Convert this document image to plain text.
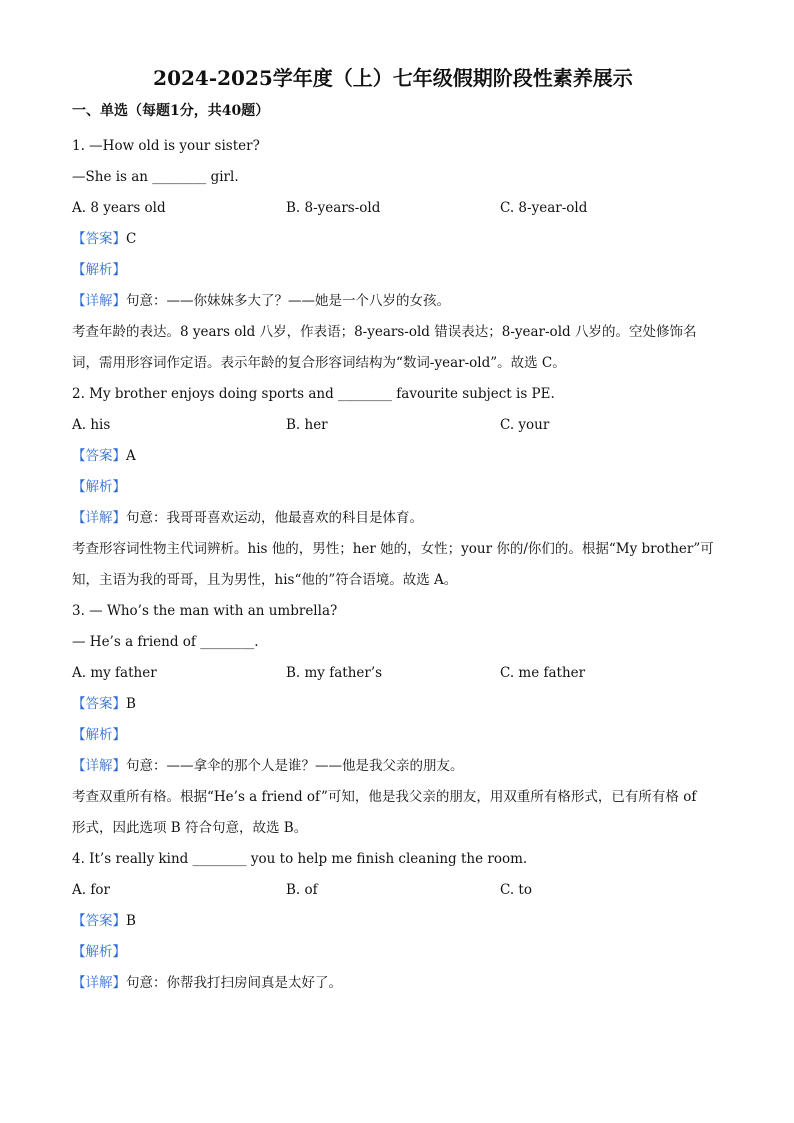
2024-2025学年度（上）七年级假期阶段性素养展示
一、单选（每题1分，共40题）

1. —How old is your sister?

—She is an ________ girl.

A. 8 years old	B. 8-years-old	C. 8-year-old

【答案】C

【解析】

【详解】句意：——你妹妹多大了？——她是一个八岁的女孩。

考查年龄的表达。8 years old 八岁，作表语；8-years-old 错误表达；8-year-old 八岁的。空处修饰名词，需用形容词作定语。表示年龄的复合形容词结构为“数词-year-old”。故选 C。

2. My brother enjoys doing sports and ________ favourite subject is PE.

A. his	B. her	C. your

【答案】A

【解析】

【详解】句意：我哥哥喜欢运动，他最喜欢的科目是体育。

考查形容词性物主代词辨析。his 他的，男性；her 她的，女性；your 你的/你们的。根据“My brother”可知，主语为我的哥哥，且为男性，his“他的”符合语境。故选 A。

3. — Who’s the man with an umbrella?

— He’s a friend of ________.

A. my father	B. my father’s	C. me father

【答案】B

【解析】

【详解】句意：——拿伞的那个人是谁？——他是我父亲的朋友。

考查双重所有格。根据“He’s a friend of”可知，他是我父亲的朋友，用双重所有格形式，已有所有格 of 形式，因此选项 B 符合句意，故选 B。

4. It’s really kind ________ you to help me finish cleaning the room.

A. for	B. of	C. to

【答案】B

【解析】

【详解】句意：你帮我打扫房间真是太好了。
